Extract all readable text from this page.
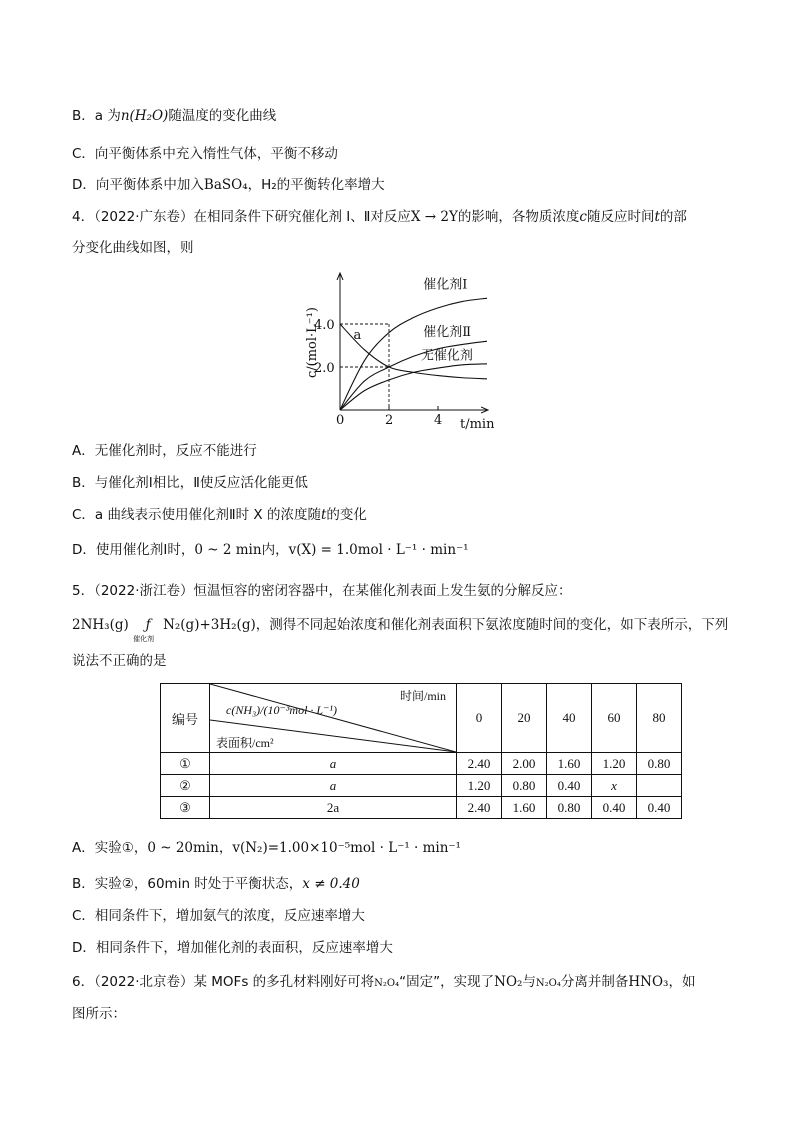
B．a 为n(H₂O)随温度的变化曲线
C．向平衡体系中充入惰性气体，平衡不移动
D．向平衡体系中加入BaSO₄，H₂的平衡转化率增大
4．（2022·广东卷）在相同条件下研究催化剂 Ⅰ、Ⅱ对反应X → 2Y的影响，各物质浓度c随反应时间t的部
分变化曲线如图，则
0	2	4
2.0
4.0
c/(mol·L⁻¹)
t/min
催化剂Ⅰ
催化剂Ⅱ
无催化剂
a
A．无催化剂时，反应不能进行
B．与催化剂Ⅰ相比，Ⅱ使反应活化能更低
C．a 曲线表示使用催化剂Ⅱ时 X 的浓度随t的变化
D．使用催化剂Ⅰ时，0 ~ 2 min内，v(X) = 1.0mol · L⁻¹ · min⁻¹
5．（2022·浙江卷）恒温恒容的密闭容器中，在某催化剂表面上发生氨的分解反应：
2NH₃(g) ƒ
催化剂
N₂(g)+3H₂(g)，测得不同起始浓度和催化剂表面积下氨浓度随时间的变化，如下表所示，下列
说法不正确的是
编号	时间/min
c(NH₃)/(10⁻³mol · L⁻¹)
表面积/cm²	0	20	40	60	80
①	a	2.40	2.00	1.60	1.20	0.80
②	a	1.20	0.80	0.40	x	
③	2a	2.40	1.60	0.80	0.40	0.40
A．实验①，0 ~ 20min，v(N₂)=1.00×10⁻⁵mol · L⁻¹ · min⁻¹
B．实验②，60min 时处于平衡状态，x ≠ 0.40
C．相同条件下，增加氨气的浓度，反应速率增大
D．相同条件下，增加催化剂的表面积，反应速率增大
6．（2022·北京卷）某 MOFs 的多孔材料刚好可将N₂O₄“固定”，实现了NO₂与N₂O₄分离并制备HNO₃，如
图所示：
